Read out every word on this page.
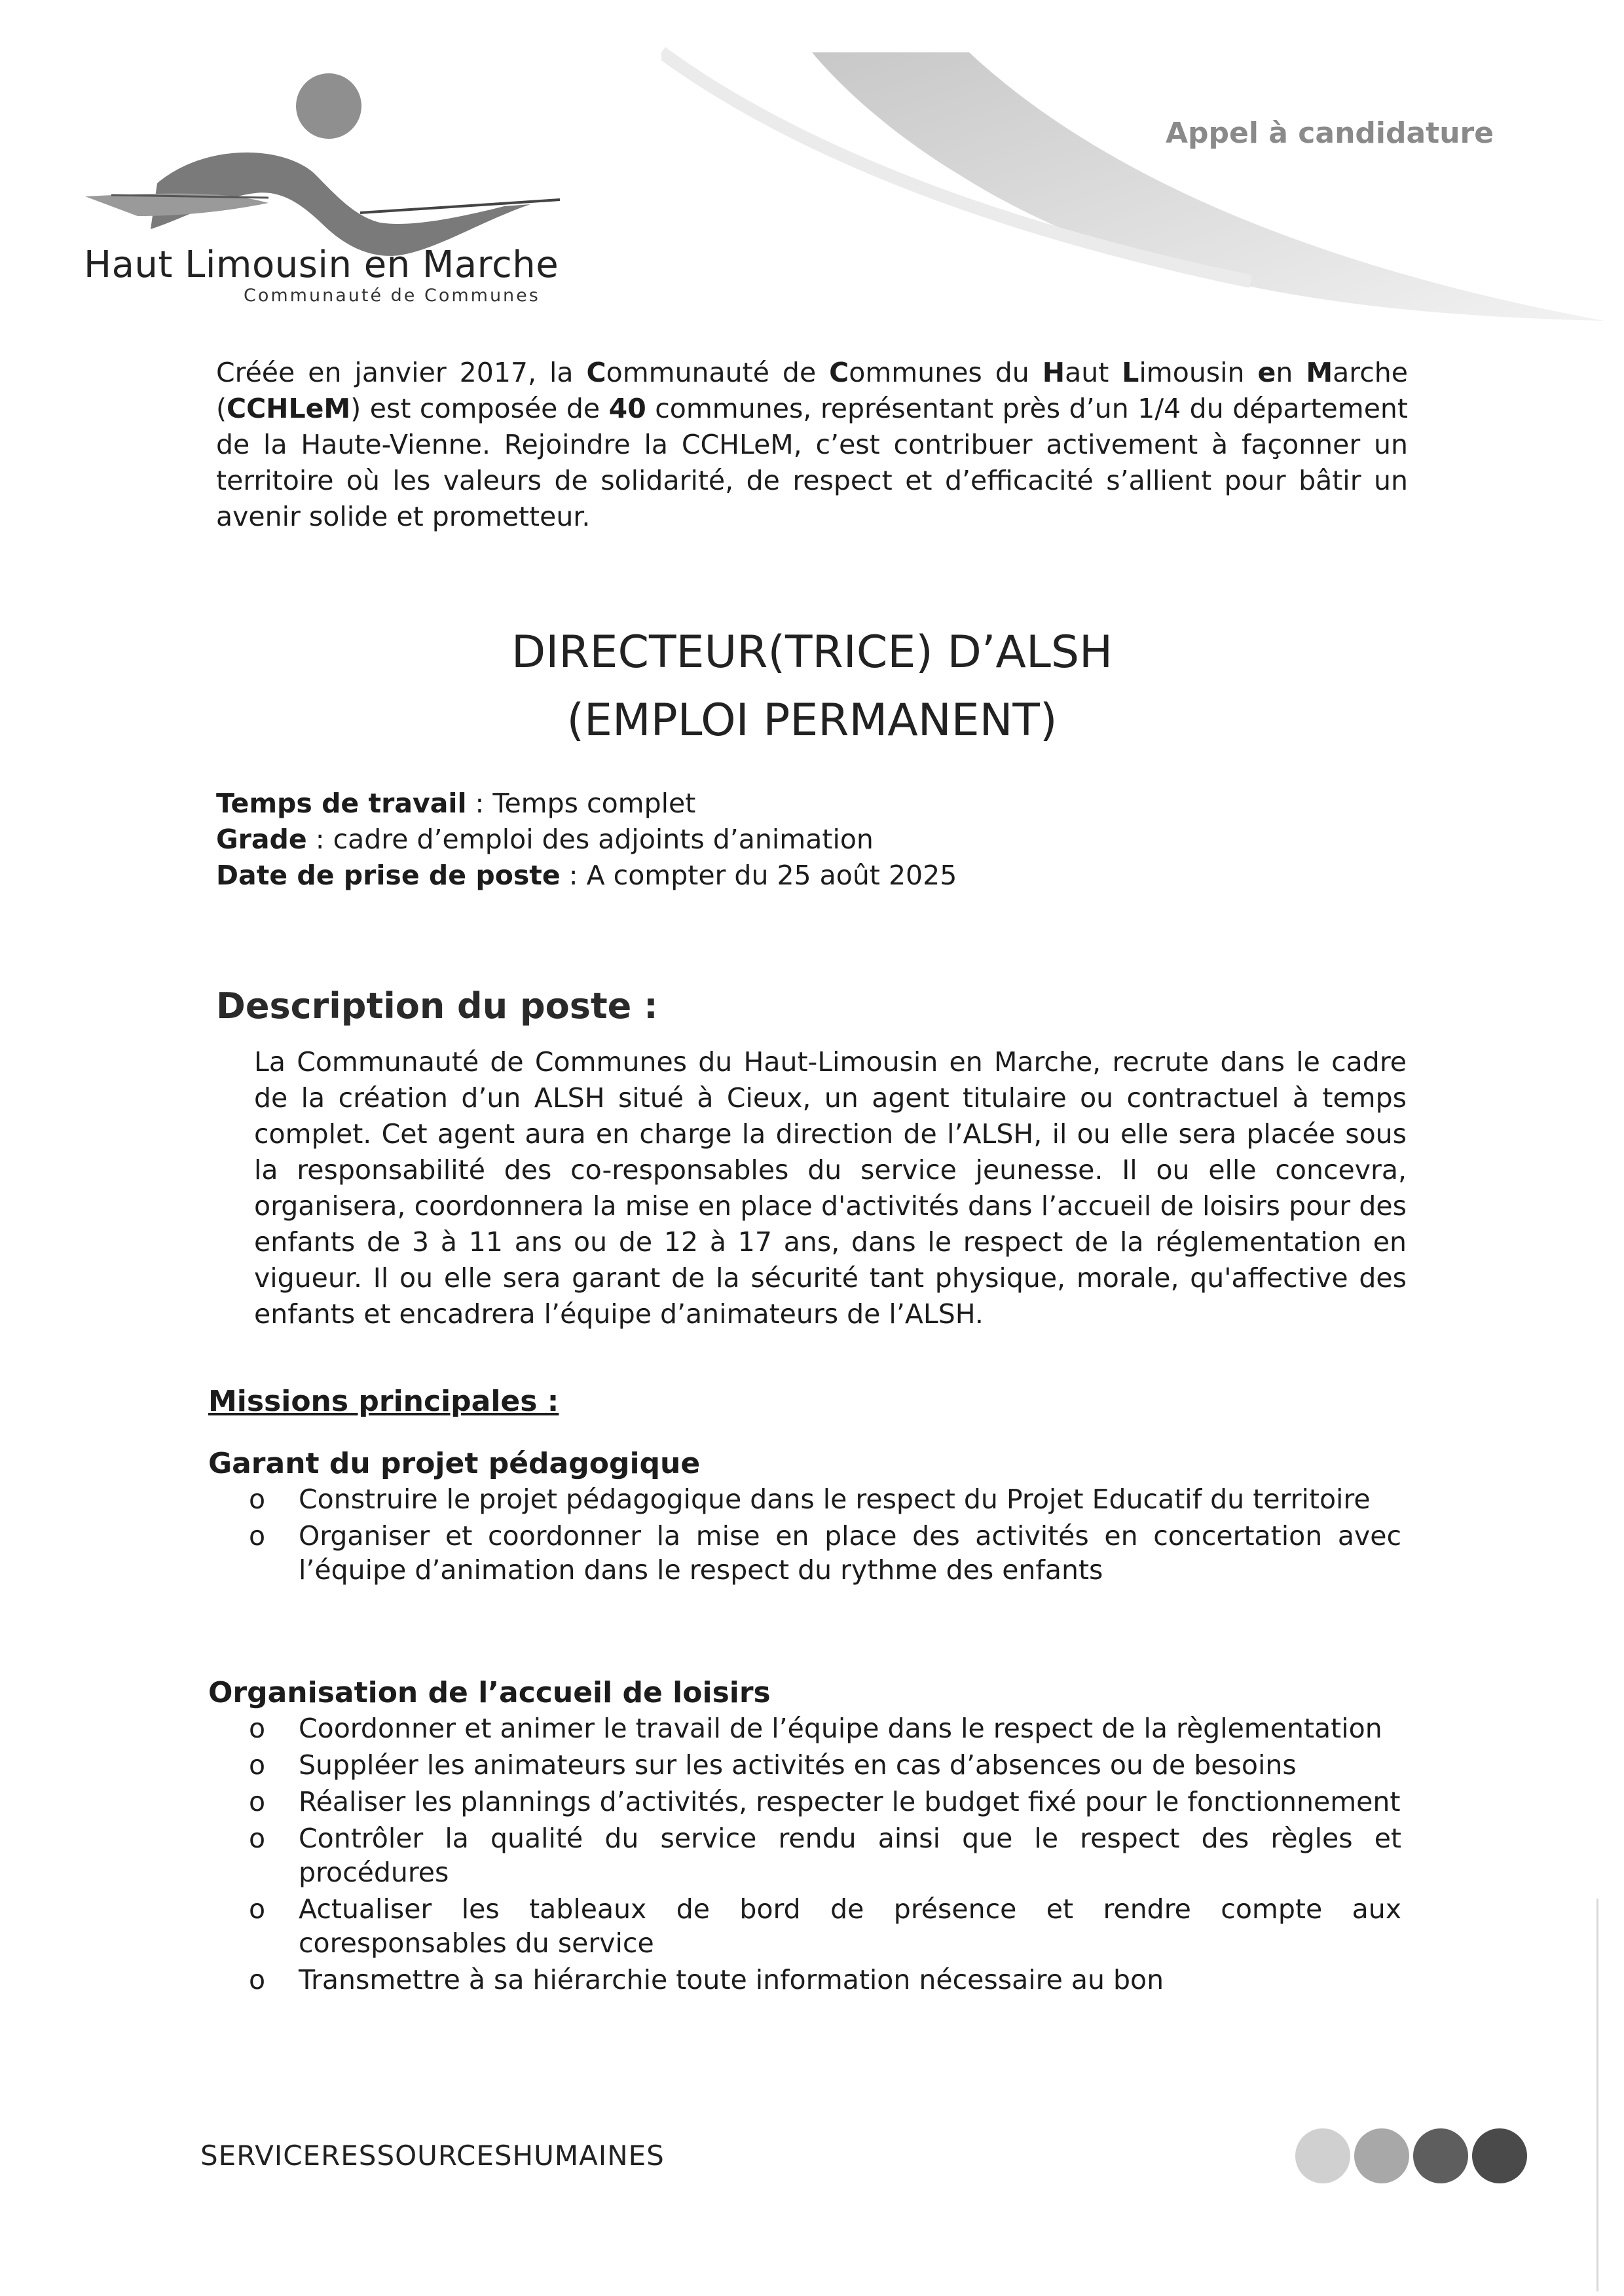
Haut Limousin en Marche
Communauté de Communes
Appel à candidature
Créée en janvier 2017, la Communauté de Communes du Haut Limousin en Marche (CCHLeM) est composée de 40 communes, représentant près d’un 1/4 du département de la Haute-Vienne. Rejoindre la CCHLeM, c’est contribuer activement à façonner un territoire où les valeurs de solidarité, de respect et d’efficacité s’allient pour bâtir un avenir solide et prometteur.
DIRECTEUR(TRICE) D’ALSH
(EMPLOI PERMANENT)
Temps de travail : Temps complet
Grade : cadre d’emploi des adjoints d’animation
Date de prise de poste : A compter du 25 août 2025
Description du poste :
La Communauté de Communes du Haut-Limousin en Marche, recrute dans le cadre de la création d’un ALSH situé à Cieux, un agent titulaire ou contractuel à temps complet. Cet agent aura en charge la direction de l’ALSH, il ou elle sera placée sous la responsabilité des co-responsables du service jeunesse. Il ou elle concevra, organisera, coordonnera la mise en place d'activités dans l’accueil de loisirs pour des enfants de 3 à 11 ans ou de 12 à 17 ans, dans le respect de la réglementation en vigueur. Il ou elle sera garant de la sécurité tant physique, morale, qu'affective des enfants et encadrera l’équipe d’animateurs de l’ALSH.
Missions principales :
Garant du projet pédagogique
o Construire le projet pédagogique dans le respect du Projet Educatif du territoire
o Organiser et coordonner la mise en place des activités en concertation avec l’équipe d’animation dans le respect du rythme des enfants
Organisation de l’accueil de loisirs
o Coordonner et animer le travail de l’équipe dans le respect de la règlementation
o Suppléer les animateurs sur les activités en cas d’absences ou de besoins
o Réaliser les plannings d’activités, respecter le budget fixé pour le fonctionnement
o Contrôler la qualité du service rendu ainsi que le respect des règles et procédures
o Actualiser les tableaux de bord de présence et rendre compte aux coresponsables du service
o Transmettre à sa hiérarchie toute information nécessaire au bon
SERVICERESSOURCESHUMAINES
